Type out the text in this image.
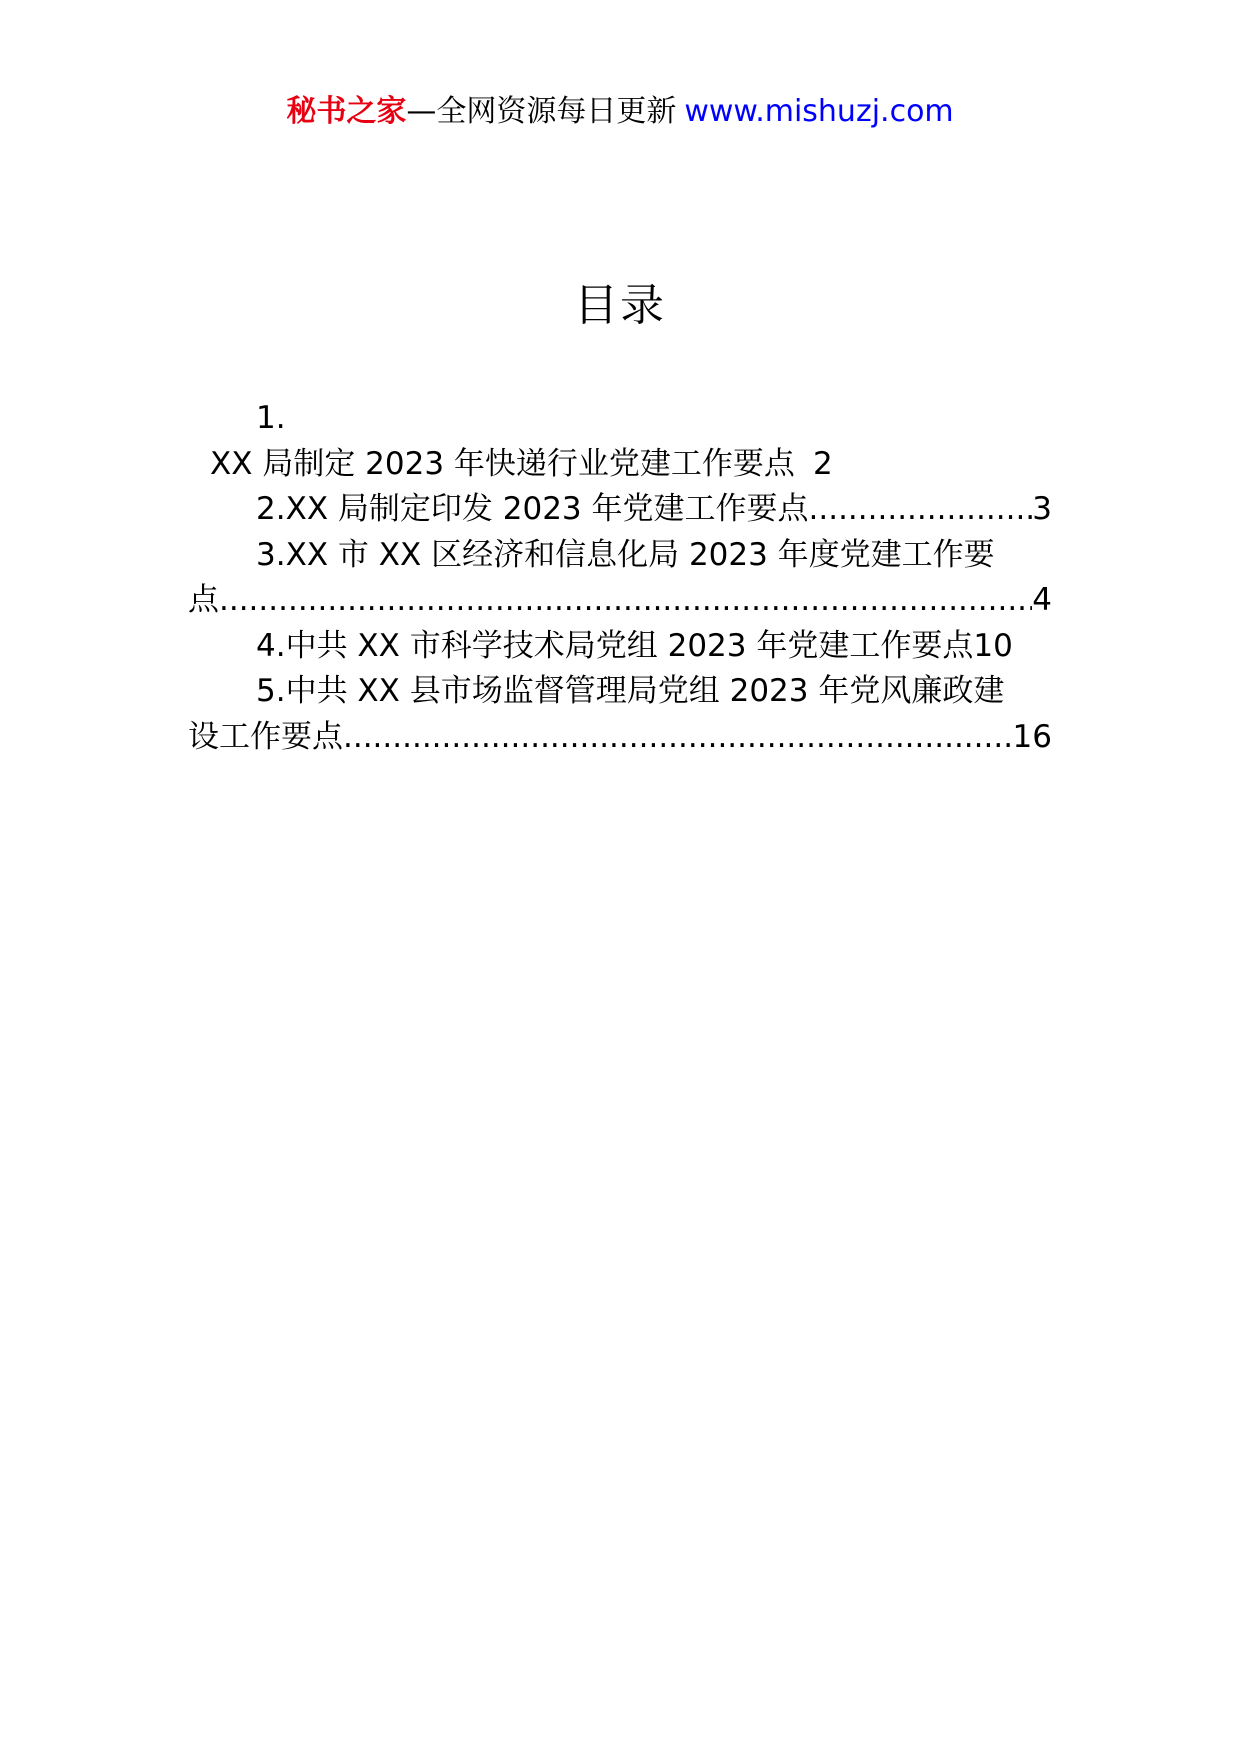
秘书之家—全网资源每日更新 www.mishuzj.com
目录
1.
XX 局制定 2023 年快递行业党建工作要点 2
2.XX 局制定印发 2023 年党建工作要点 .....	3
3.XX 市 XX 区经济和信息化局 2023 年度党建工作要
点 .....	4
4.中共 XX 市科学技术局党组 2023 年党建工作要点 10
5.中共 XX 县市场监督管理局党组 2023 年党风廉政建
设工作要点 .....	16
